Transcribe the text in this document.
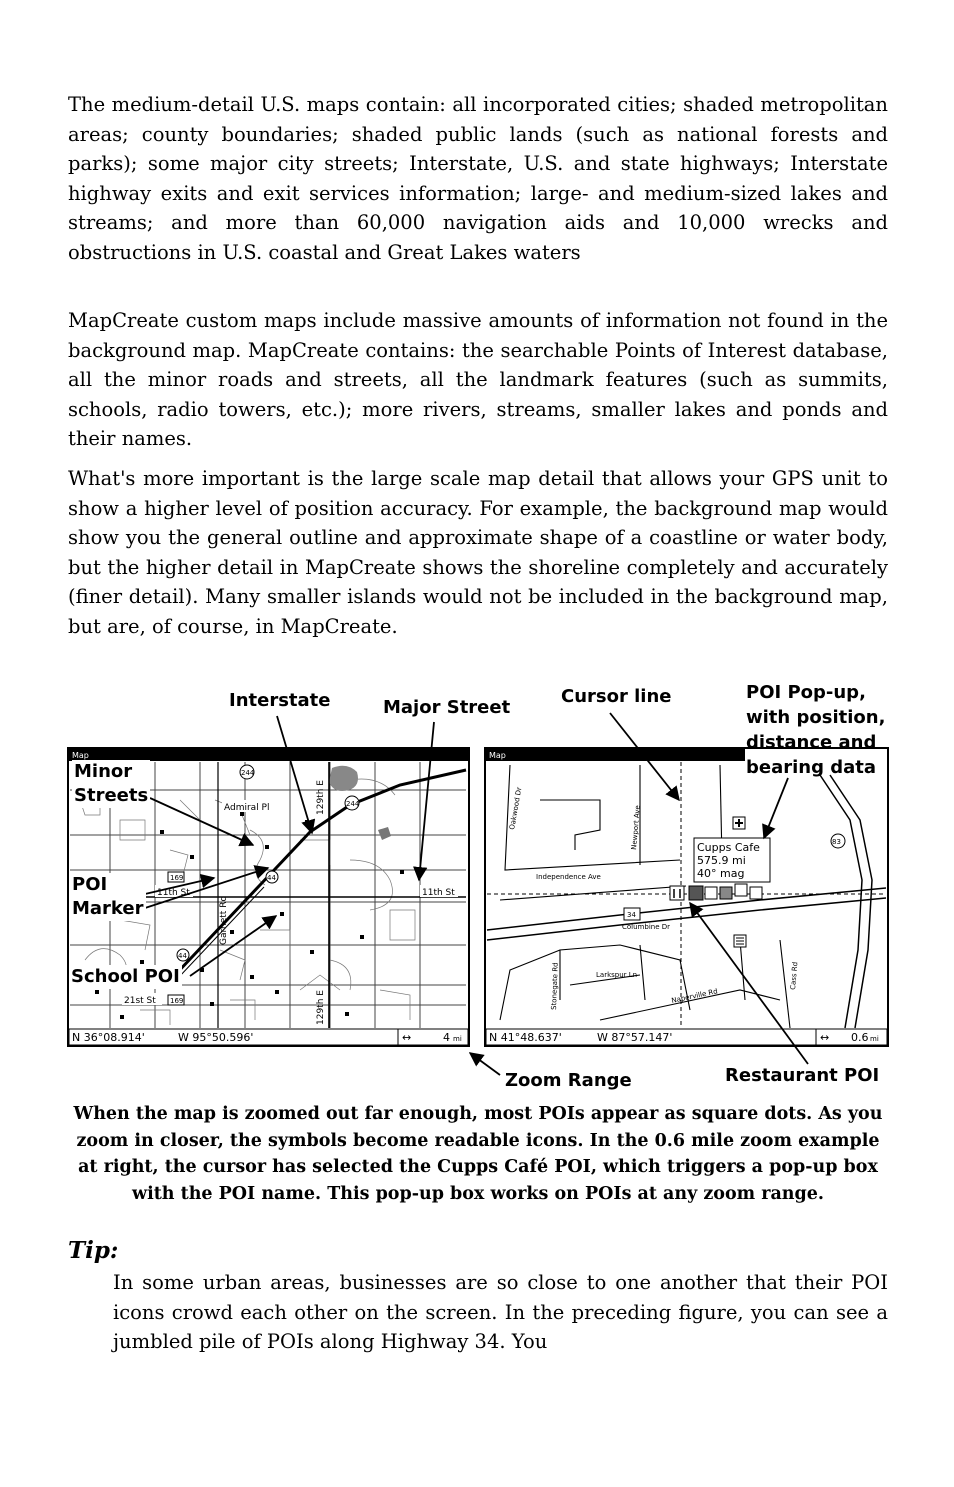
The medium-detail U.S. maps contain: all incorporated cities; shaded metropolitan areas; county boundaries; shaded public lands (such as national forests and parks); some major city streets; Interstate, U.S. and state highways; Interstate highway exits and exit services information; large- and medium-sized lakes and streams; and more than 60,000 navigation aids and 10,000 wrecks and obstructions in U.S. coastal and Great Lakes waters

MapCreate custom maps include massive amounts of information not found in the background map. MapCreate contains: the searchable Points of Interest database, all the minor roads and streets, all the landmark features (such as summits, schools, radio towers, etc.); more rivers, streams, smaller lakes and ponds and their names.

What's more important is the large scale map detail that allows your GPS unit to show a higher level of position accuracy. For example, the background map would show you the general outline and approximate shape of a coastline or water body, but the higher detail in MapCreate shows the shoreline completely and accurately (finer detail). Many smaller islands would not be included in the background map, but are, of course, in MapCreate.

Map
244
244
44
44
169
169
Admiral Pl	129th E
11th St	11th St
21st St	129th E
Garnett Rd
N 36°08.914'	W 95°50.596'	↔	4 mi
Map
Cupps Cafe
575.9 mi
40° mag
34
83
Oakwood Dr	Newport Ave
Independence Ave
Columbine Dr
Larkspur Ln
Naperville Rd
Stonegate Rd	Cass Rd
N 41°48.637'	W 87°57.147'	↔ 0.6 mi
Interstate	Major Street
Cursor line	POI Pop-up,
with position,
distance and
bearing data
Minor
Streets
POI
Marker
School POI
Zoom Range	Restaurant POI

When the map is zoomed out far enough, most POIs appear as square dots. As you zoom in closer, the symbols become readable icons. In the 0.6 mile zoom example at right, the cursor has selected the Cupps Café POI, which triggers a pop-up box with the POI name. This pop-up box works on POIs at any zoom range.

Tip:

In some urban areas, businesses are so close to one another that their POI icons crowd each other on the screen. In the preceding figure, you can see a jumbled pile of POIs along Highway 34. You
